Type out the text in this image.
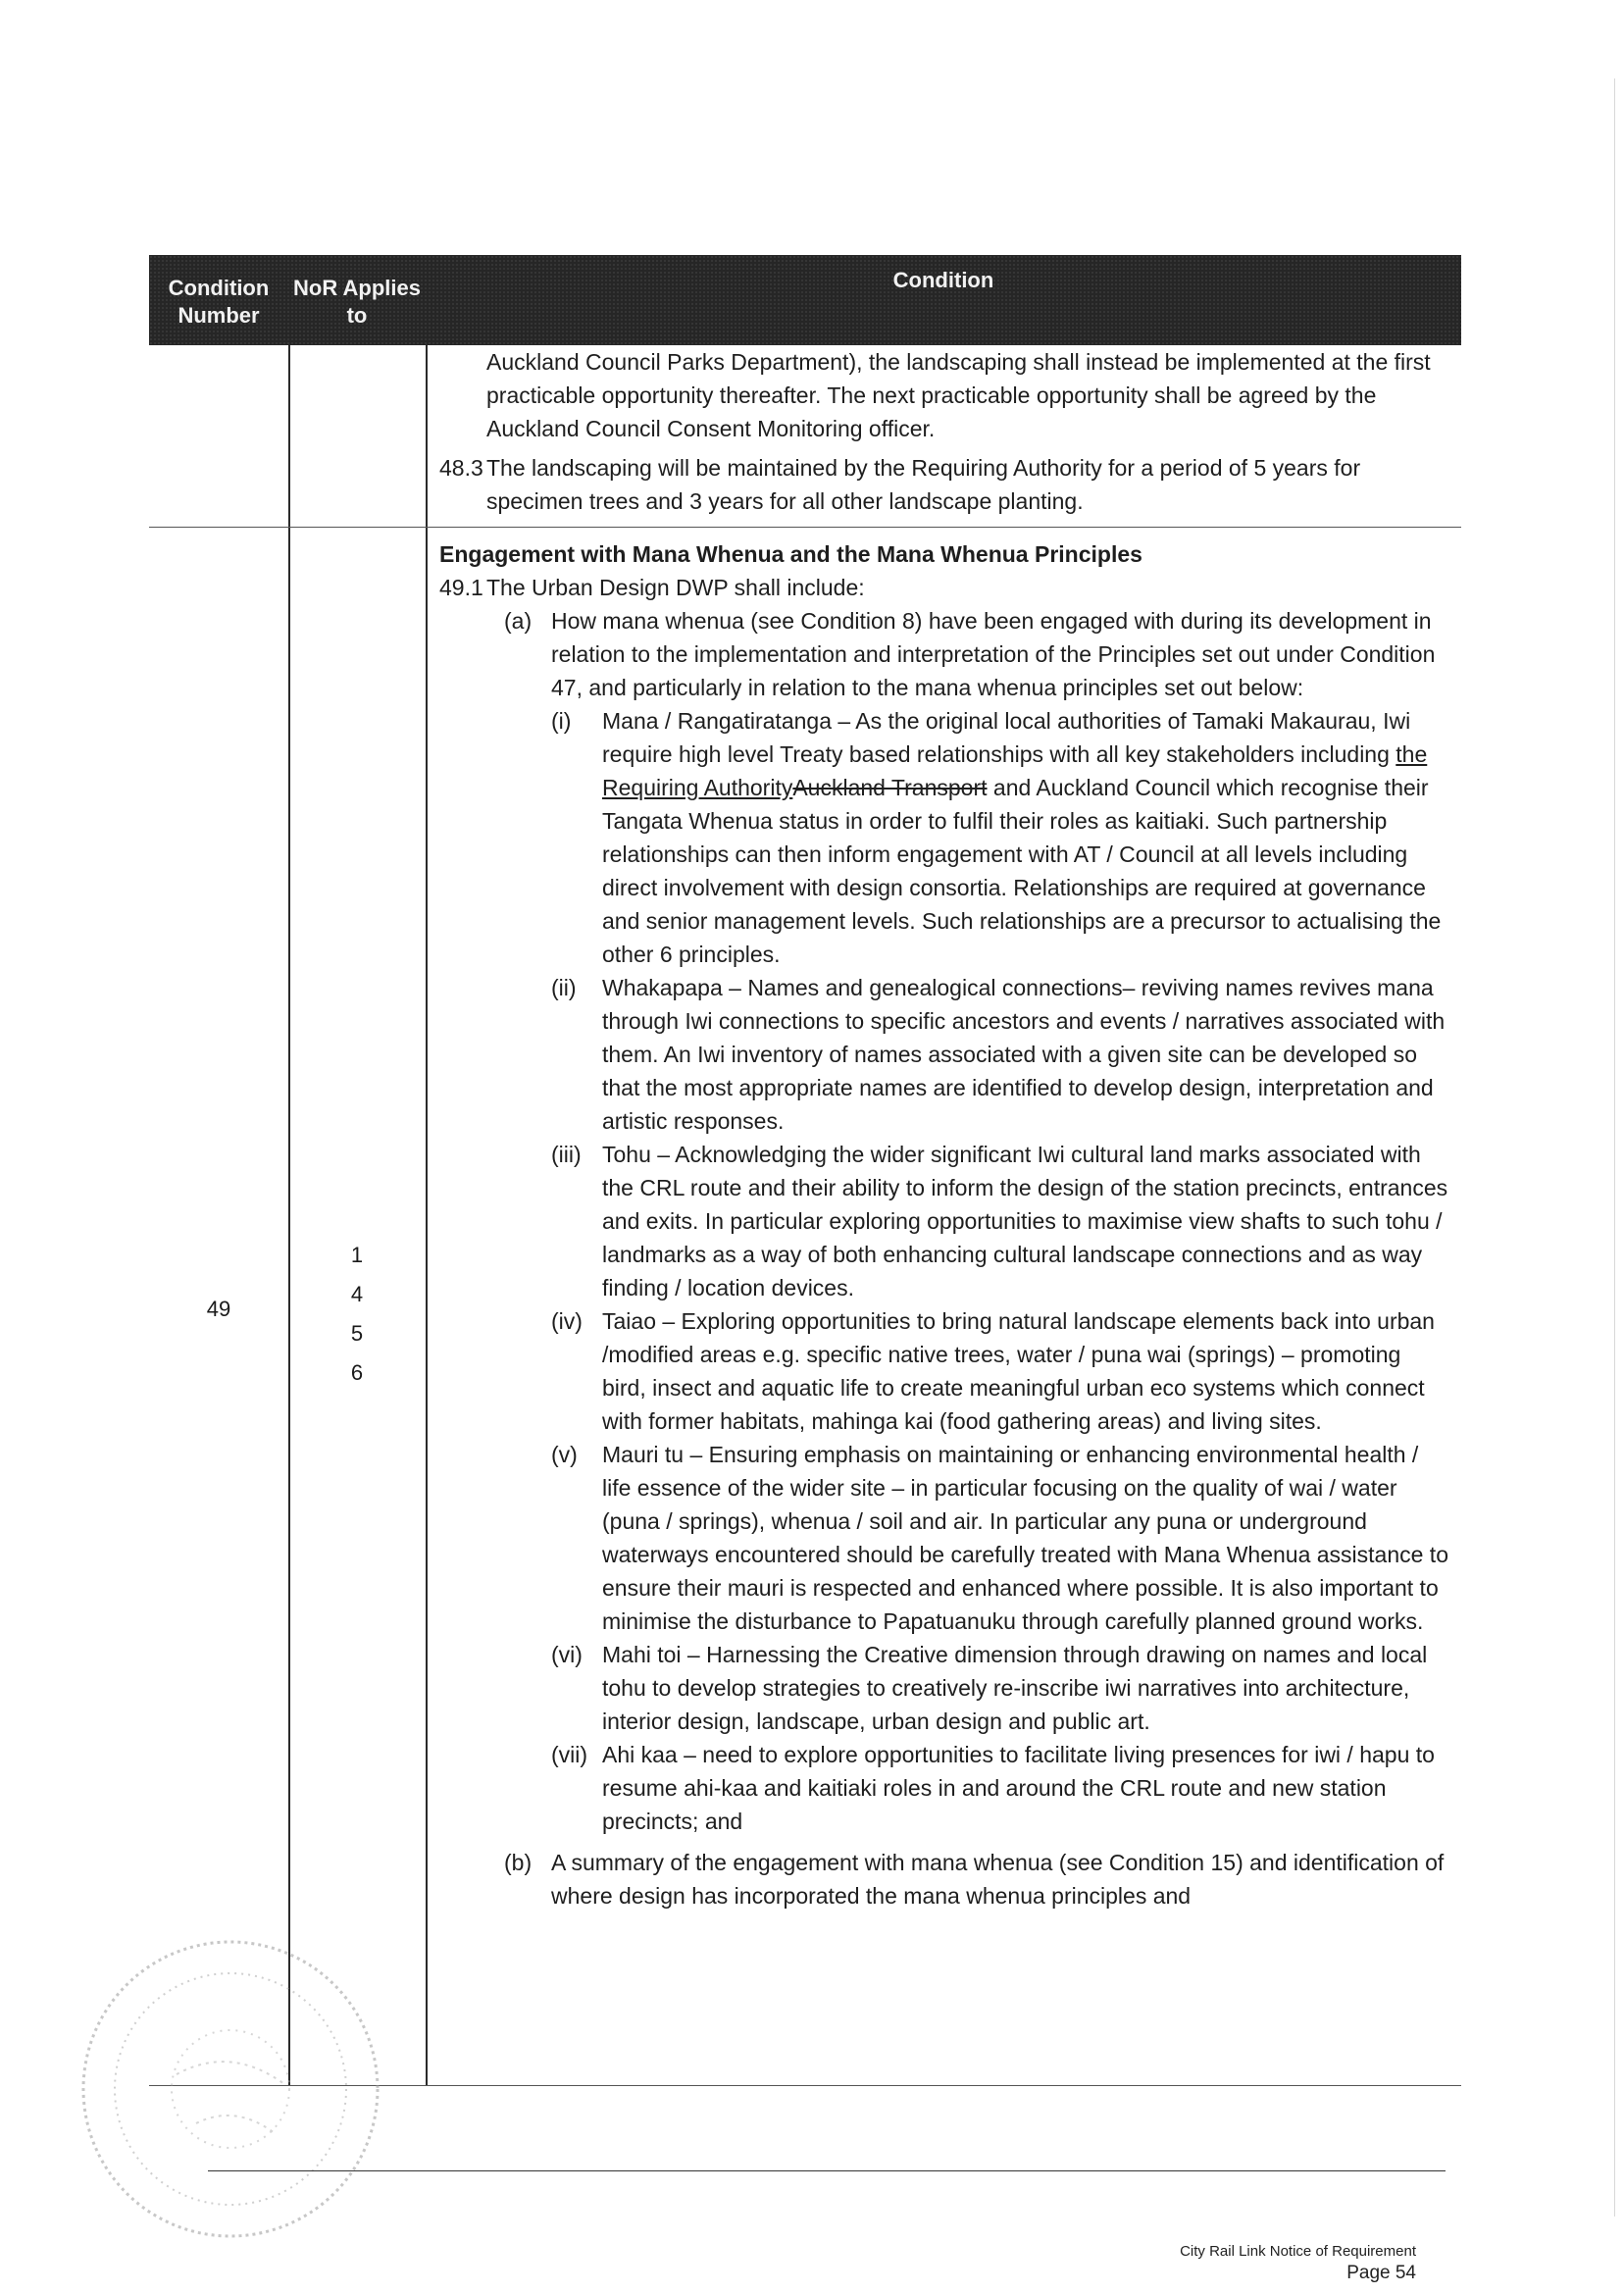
Condition Number
NoR Applies to
Condition

Auckland Council Parks Department), the landscaping shall instead be implemented at the first practicable opportunity thereafter. The next practicable opportunity shall be agreed by the Auckland Council Consent Monitoring officer.

48.3 The landscaping will be maintained by the Requiring Authority for a period of 5 years for specimen trees and 3 years for all other landscape planting.

49
1
4
5
6

Engagement with Mana Whenua and the Mana Whenua Principles

49.1 The Urban Design DWP shall include:

(a) How mana whenua (see Condition 8) have been engaged with during its development in relation to the implementation and interpretation of the Principles set out under Condition 47, and particularly in relation to the mana whenua principles set out below:

(i) Mana / Rangatiratanga – As the original local authorities of Tamaki Makaurau, Iwi require high level Treaty based relationships with all key stakeholders including the Requiring AuthorityAuckland Transport and Auckland Council which recognise their Tangata Whenua status in order to fulfil their roles as kaitiaki. Such partnership relationships can then inform engagement with AT / Council at all levels including direct involvement with design consortia. Relationships are required at governance and senior management levels. Such relationships are a precursor to actualising the other 6 principles.

(ii) Whakapapa – Names and genealogical connections– reviving names revives mana through Iwi connections to specific ancestors and events / narratives associated with them. An Iwi inventory of names associated with a given site can be developed so that the most appropriate names are identified to develop design, interpretation and artistic responses.

(iii) Tohu – Acknowledging the wider significant Iwi cultural land marks associated with the CRL route and their ability to inform the design of the station precincts, entrances and exits. In particular exploring opportunities to maximise view shafts to such tohu / landmarks as a way of both enhancing cultural landscape connections and as way finding / location devices.

(iv) Taiao – Exploring opportunities to bring natural landscape elements back into urban /modified areas e.g. specific native trees, water / puna wai (springs) – promoting bird, insect and aquatic life to create meaningful urban eco systems which connect with former habitats, mahinga kai (food gathering areas) and living sites.

(v) Mauri tu – Ensuring emphasis on maintaining or enhancing environmental health / life essence of the wider site – in particular focusing on the quality of wai / water (puna / springs), whenua / soil and air. In particular any puna or underground waterways encountered should be carefully treated with Mana Whenua assistance to ensure their mauri is respected and enhanced where possible. It is also important to minimise the disturbance to Papatuanuku through carefully planned ground works.

(vi) Mahi toi – Harnessing the Creative dimension through drawing on names and local tohu to develop strategies to creatively re-inscribe iwi narratives into architecture, interior design, landscape, urban design and public art.

(vii) Ahi kaa – need to explore opportunities to facilitate living presences for iwi / hapu to resume ahi-kaa and kaitiaki roles in and around the CRL route and new station precincts; and

(b) A summary of the engagement with mana whenua (see Condition 15) and identification of where design has incorporated the mana whenua principles and

City Rail Link Notice of Requirement
Page 54
